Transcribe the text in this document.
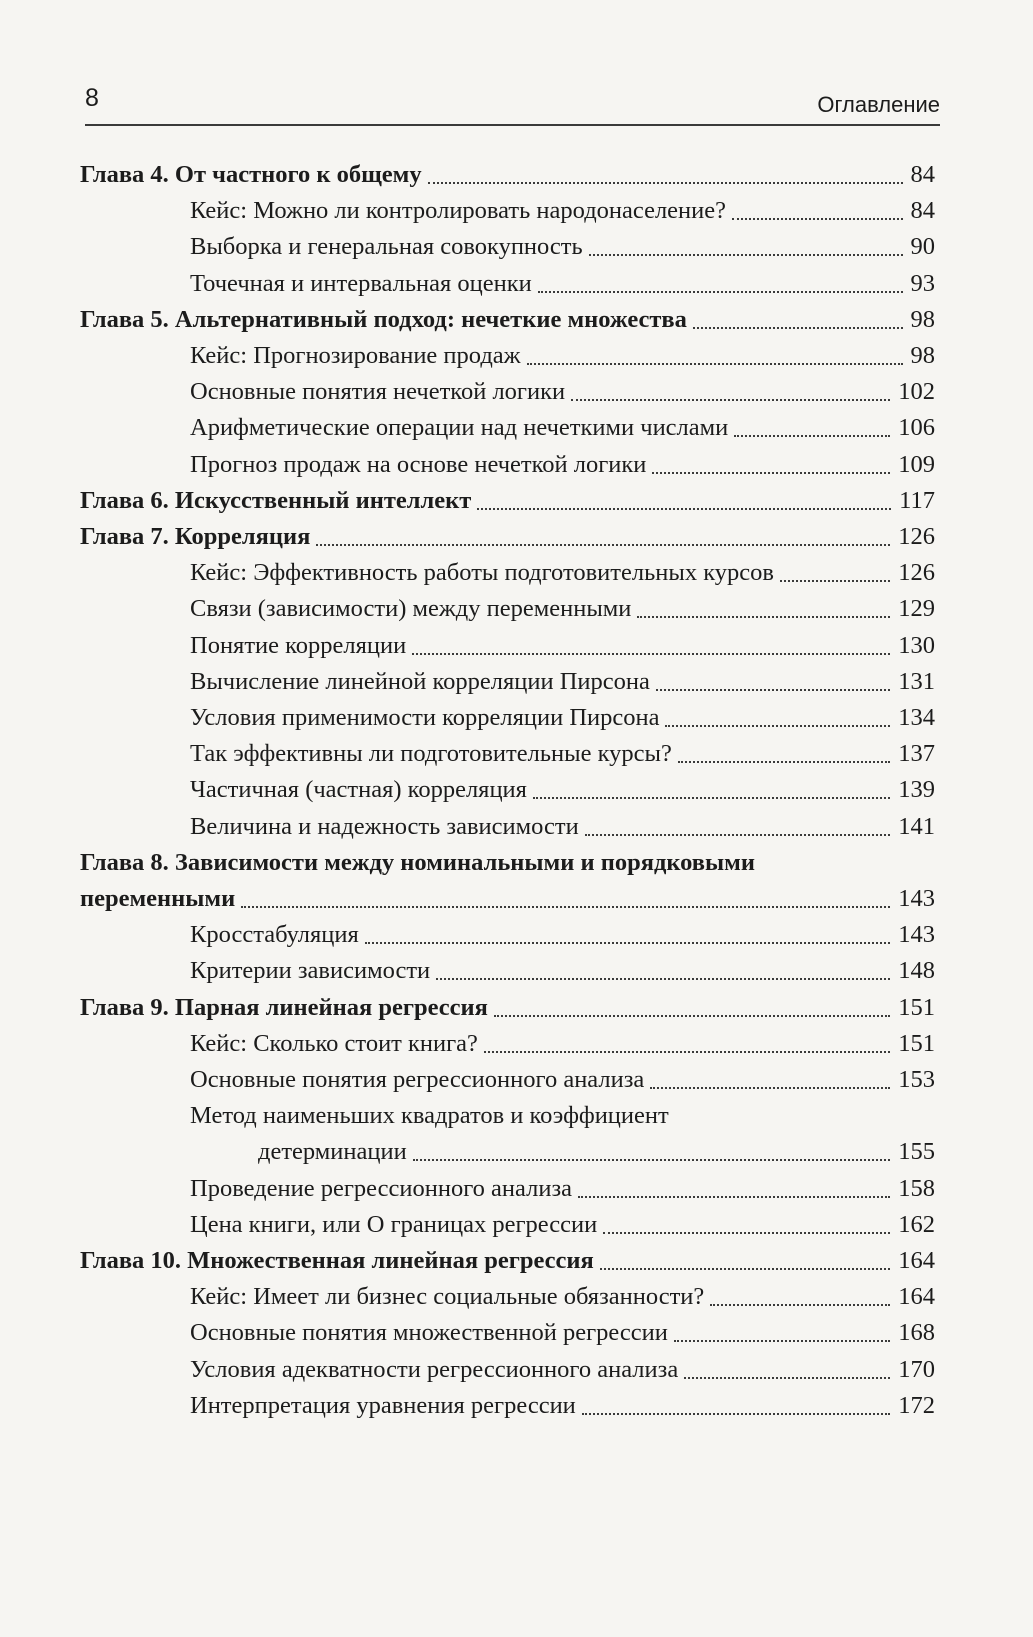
8	Оглавление
Глава 4. От частного к общему	84
Кейс: Можно ли контролировать народонаселение?	84
Выборка и генеральная совокупность	90
Точечная и интервальная оценки	93
Глава 5. Альтернативный подход: нечеткие множества	98
Кейс: Прогнозирование продаж	98
Основные понятия нечеткой логики	102
Арифметические операции над нечеткими числами	106
Прогноз продаж на основе нечеткой логики	109
Глава 6. Искусственный интеллект	117
Глава 7. Корреляция	126
Кейс: Эффективность работы подготовительных курсов	126
Связи (зависимости) между переменными	129
Понятие корреляции	130
Вычисление линейной корреляции Пирсона	131
Условия применимости корреляции Пирсона	134
Так эффективны ли подготовительные курсы?	137
Частичная (частная) корреляция	139
Величина и надежность зависимости	141
Глава 8. Зависимости между номинальными и порядковыми
переменными	143
Кросстабуляция	143
Критерии зависимости	148
Глава 9. Парная линейная регрессия	151
Кейс: Сколько стоит книга?	151
Основные понятия регрессионного анализа	153
Метод наименьших квадратов и коэффициент
детерминации	155
Проведение регрессионного анализа	158
Цена книги, или О границах регрессии	162
Глава 10. Множественная линейная регрессия	164
Кейс: Имеет ли бизнес социальные обязанности?	164
Основные понятия множественной регрессии	168
Условия адекватности регрессионного анализа	170
Интерпретация уравнения регрессии	172
